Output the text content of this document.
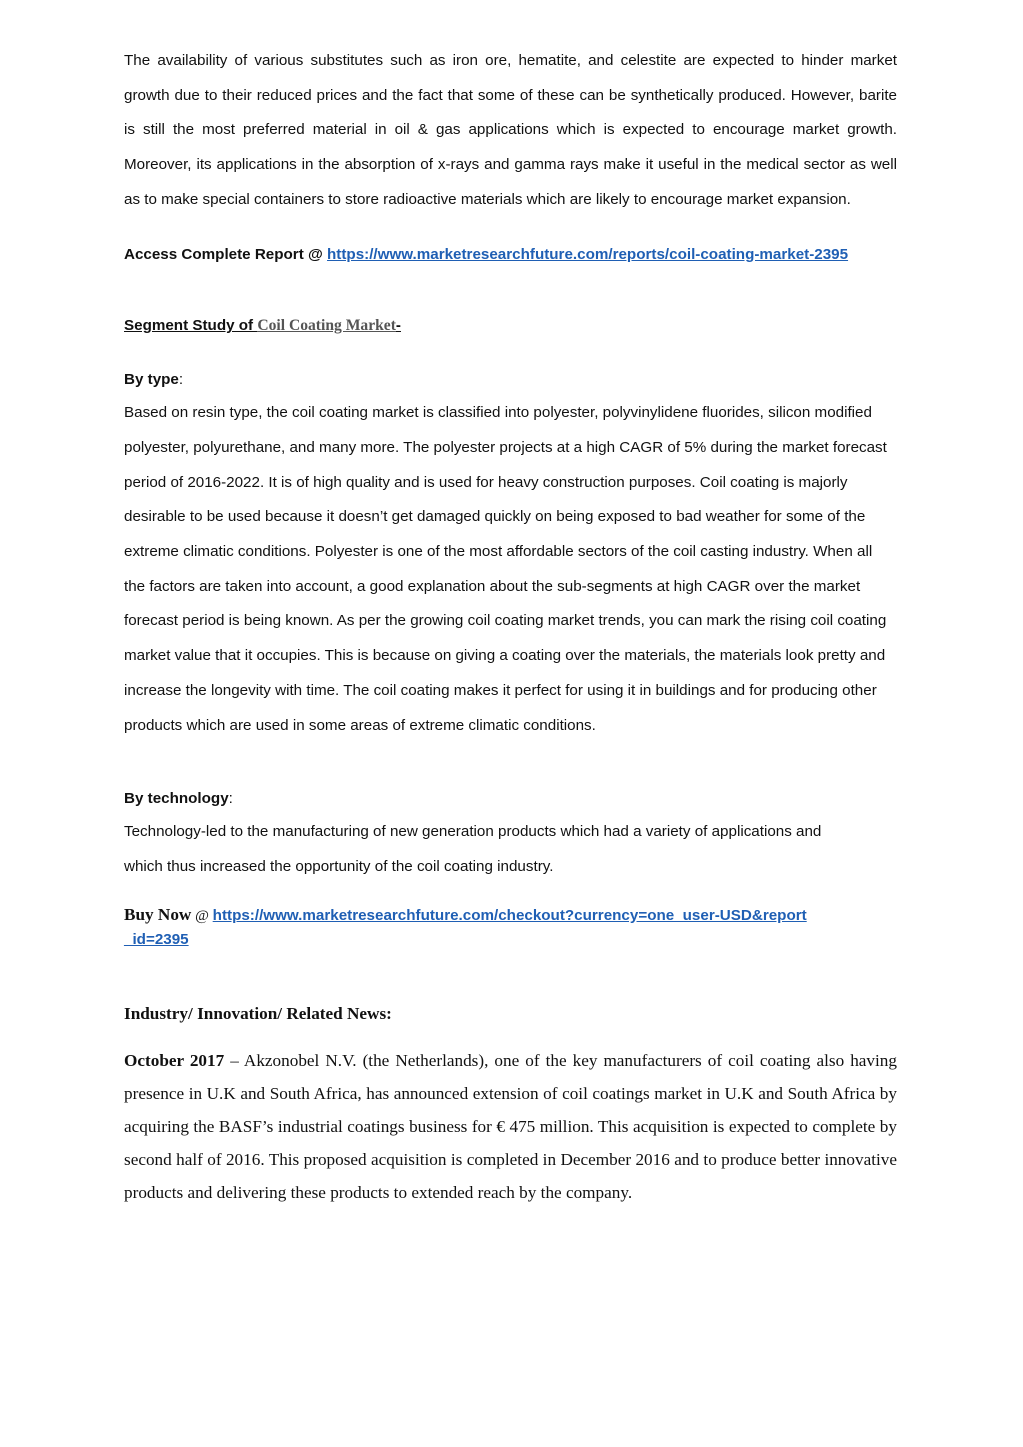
The availability of various substitutes such as iron ore, hematite, and celestite are expected to hinder market growth due to their reduced prices and the fact that some of these can be synthetically produced. However, barite is still the most preferred material in oil & gas applications which is expected to encourage market growth. Moreover, its applications in the absorption of x-rays and gamma rays make it useful in the medical sector as well as to make special containers to store radioactive materials which are likely to encourage market expansion.

Access Complete Report @ https://www.marketresearchfuture.com/reports/coil-coating-market-2395

Segment Study of Coil Coating Market-

By type:

Based on resin type, the coil coating market is classified into polyester, polyvinylidene fluorides, silicon modified polyester, polyurethane, and many more. The polyester projects at a high CAGR of 5% during the market forecast period of 2016-2022. It is of high quality and is used for heavy construction purposes. Coil coating is majorly desirable to be used because it doesn’t get damaged quickly on being exposed to bad weather for some of the extreme climatic conditions. Polyester is one of the most affordable sectors of the coil casting industry. When all the factors are taken into account, a good explanation about the sub-segments at high CAGR over the market forecast period is being known. As per the growing coil coating market trends, you can mark the rising coil coating market value that it occupies. This is because on giving a coating over the materials, the materials look pretty and increase the longevity with time. The coil coating makes it perfect for using it in buildings and for producing other products which are used in some areas of extreme climatic conditions.

By technology:

Technology-led to the manufacturing of new generation products which had a variety of applications and which thus increased the opportunity of the coil coating industry.

Buy Now @ https://www.marketresearchfuture.com/checkout?currency=one_user-USD&report_id=2395

Industry/ Innovation/ Related News:

October 2017 – Akzonobel N.V. (the Netherlands), one of the key manufacturers of coil coating also having presence in U.K and South Africa, has announced extension of coil coatings market in U.K and South Africa by acquiring the BASF’s industrial coatings business for € 475 million. This acquisition is expected to complete by second half of 2016. This proposed acquisition is completed in December 2016 and to produce better innovative products and delivering these products to extended reach by the company.
